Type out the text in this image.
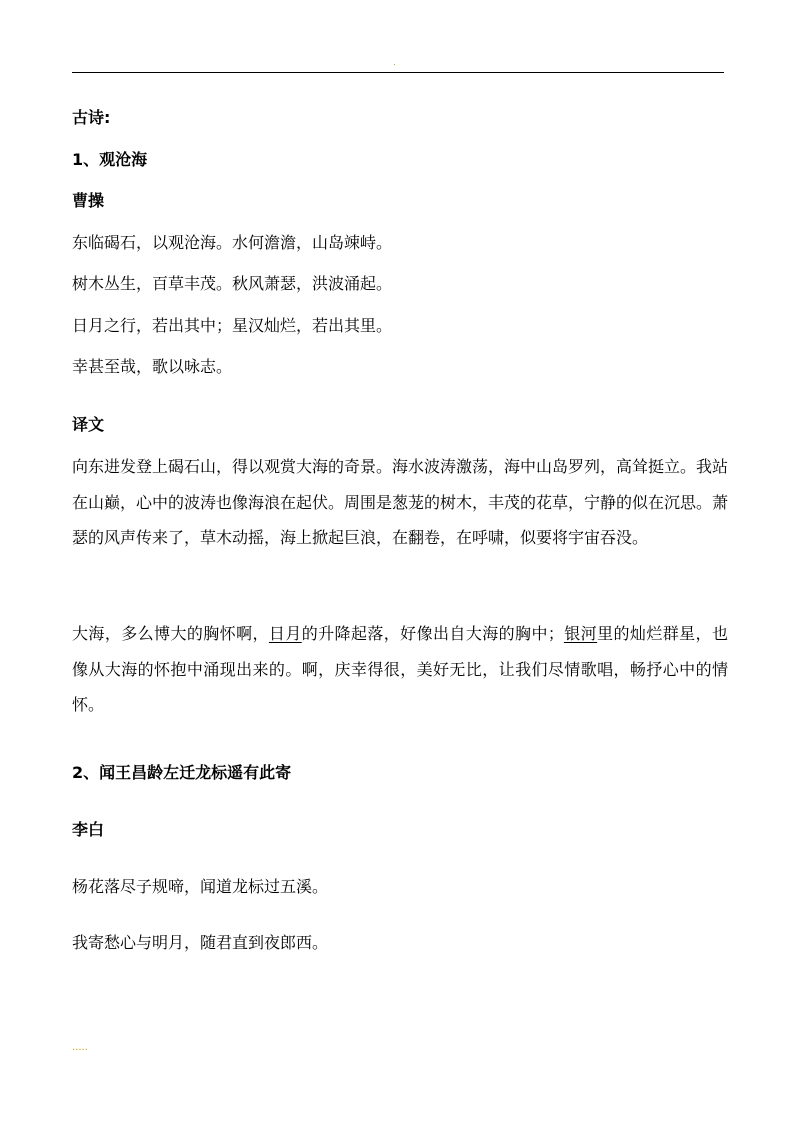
.
古诗:
1、观沧海
曹操
东临碣石，以观沧海。水何澹澹，山岛竦峙。
树木丛生，百草丰茂。秋风萧瑟，洪波涌起。
日月之行，若出其中；星汉灿烂，若出其里。
幸甚至哉，歌以咏志。
译文
向东进发登上碣石山，得以观赏大海的奇景。海水波涛激荡，海中山岛罗列，高耸挺立。我站在山巅，心中的波涛也像海浪在起伏。周围是葱茏的树木，丰茂的花草，宁静的似在沉思。萧瑟的风声传来了，草木动摇，海上掀起巨浪，在翻卷，在呼啸，似要将宇宙吞没。
大海，多么博大的胸怀啊，日月的升降起落，好像出自大海的胸中；银河里的灿烂群星，也像从大海的怀抱中涌现出来的。啊，庆幸得很，美好无比，让我们尽情歌唱，畅抒心中的情怀。
2、闻王昌龄左迁龙标遥有此寄
李白
杨花落尽子规啼，闻道龙标过五溪。
我寄愁心与明月，随君直到夜郎西。
.....
